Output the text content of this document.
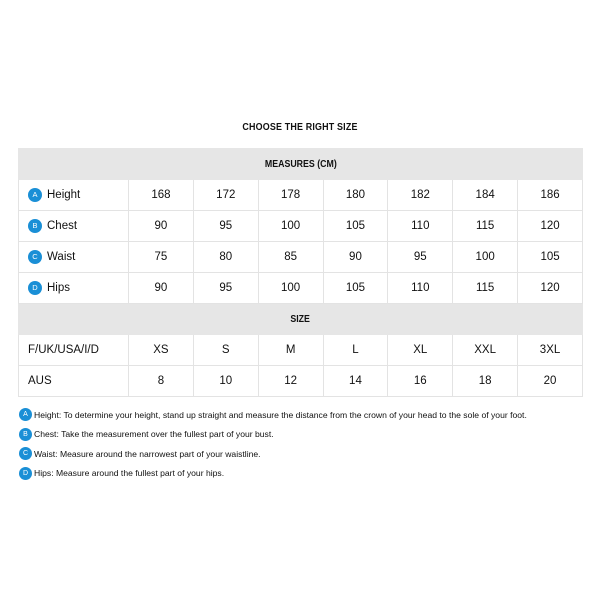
CHOOSE THE RIGHT SIZE
MEASURES (CM)							
A Height	168	172	178	180	182	184	186
B Chest	90	95	100	105	110	115	120
C Waist	75	80	85	90	95	100	105
D Hips	90	95	100	105	110	115	120
SIZE							
F/UK/USA/I/D	XS	S	M	L	XL	XXL	3XL
AUS	8	10	12	14	16	18	20
A Height: To determine your height, stand up straight and measure the distance from the crown of your head to the sole of your foot.
B Chest: Take the measurement over the fullest part of your bust.
C Waist: Measure around the narrowest part of your waistline.
D Hips: Measure around the fullest part of your hips.
